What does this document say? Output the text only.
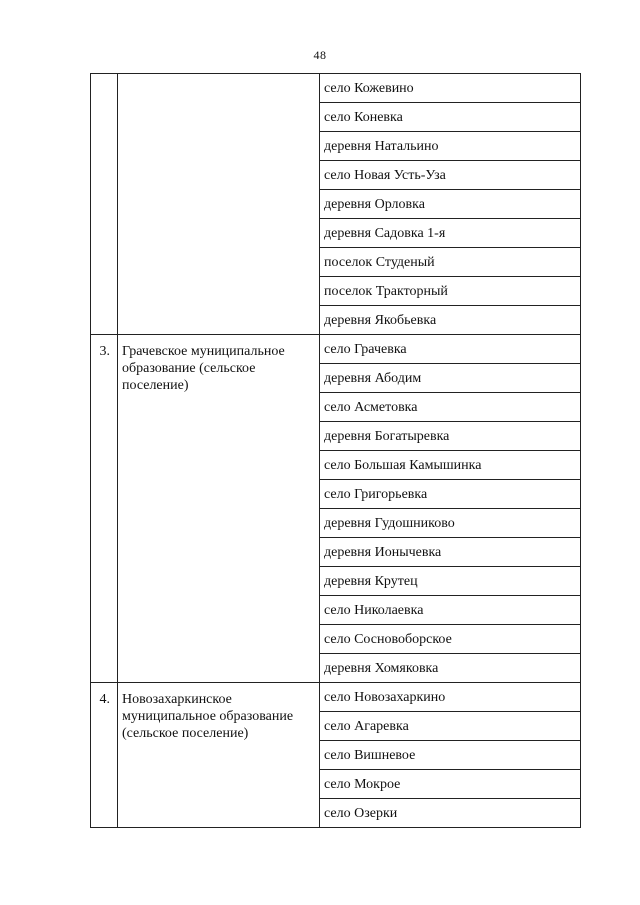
48
		село Кожевино
		село Коневка
		деревня Натальино
		село Новая Усть-Уза
		деревня Орловка
		деревня Садовка 1-я
		поселок Студеный
		поселок Тракторный
		деревня Якобьевка
3.	Грачевское муниципальное образование (сельское поселение)	село Грачевка
		деревня Абодим
		село Асметовка
		деревня Богатыревка
		село Большая Камышинка
		село Григорьевка
		деревня Гудошниково
		деревня Ионычевка
		деревня Крутец
		село Николаевка
		село Сосновоборское
		деревня Хомяковка
4.	Новозахаркинское муниципальное образование (сельское поселение)	село Новозахаркино
		село Агаревка
		село Вишневое
		село Мокрое
		село Озерки
